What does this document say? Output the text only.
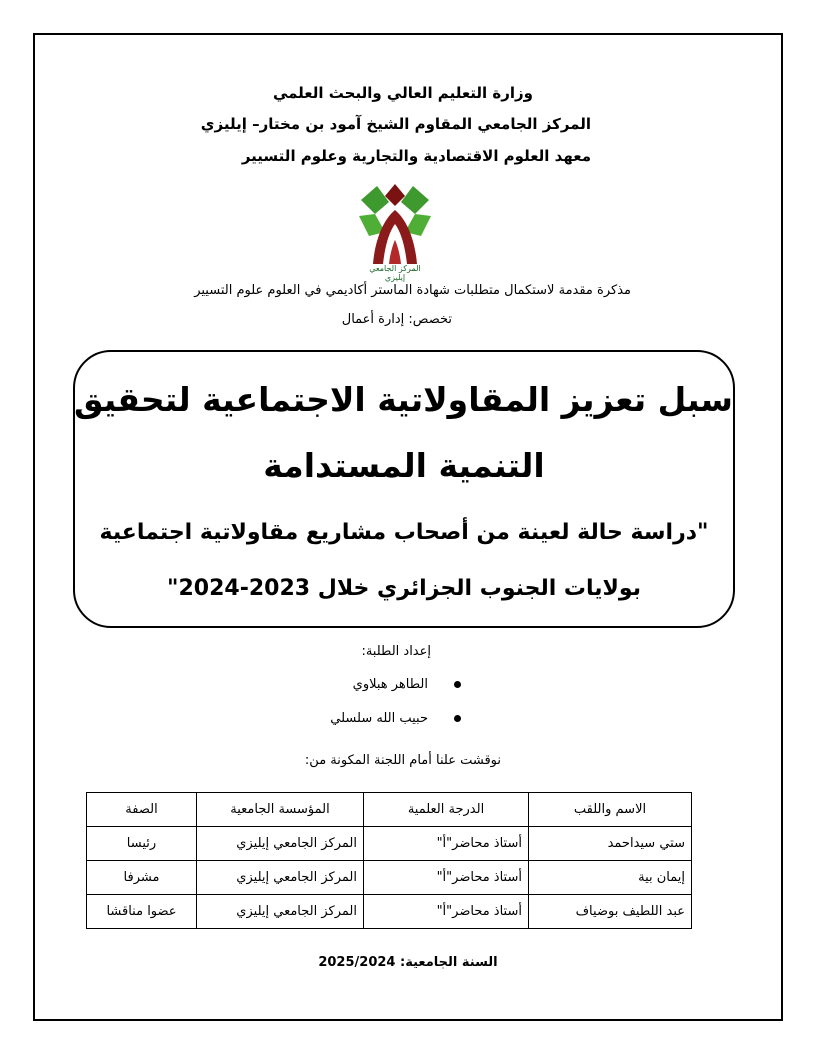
وزارة التعليم العالي والبحث العلمي
المركز الجامعي المقاوم الشيخ آمود بن مختار– إيليزي
معهد العلوم الاقتصادية والتجارية وعلوم التسيير
المركز الجامعي إيليزي
مذكرة مقدمة لاستكمال متطلبات شهادة الماستر أكاديمي في العلوم علوم التسيير
تخصص: إدارة أعمال
سبل تعزيز المقاولاتية الاجتماعية لتحقيق
التنمية المستدامة
"دراسة حالة لعينة من أصحاب مشاريع مقاولاتية اجتماعية
بولايات الجنوب الجزائري خلال 2023-2024"
إعداد الطلبة:
الطاهر هبلاوي
حبيب الله سلسلي
نوقشت علنا أمام اللجنة المكونة من:
الاسم واللقب	الدرجة العلمية	المؤسسة الجامعية	الصفة
ستي سيداحمد	أستاذ محاضر"أ"	المركز الجامعي إيليزي	رئيسا
إيمان بية	أستاذ محاضر"أ"	المركز الجامعي إيليزي	مشرفا
عبد اللطيف بوضياف	أستاذ محاضر"أ"	المركز الجامعي إيليزي	عضوا مناقشا
السنة الجامعية: 2025/2024
